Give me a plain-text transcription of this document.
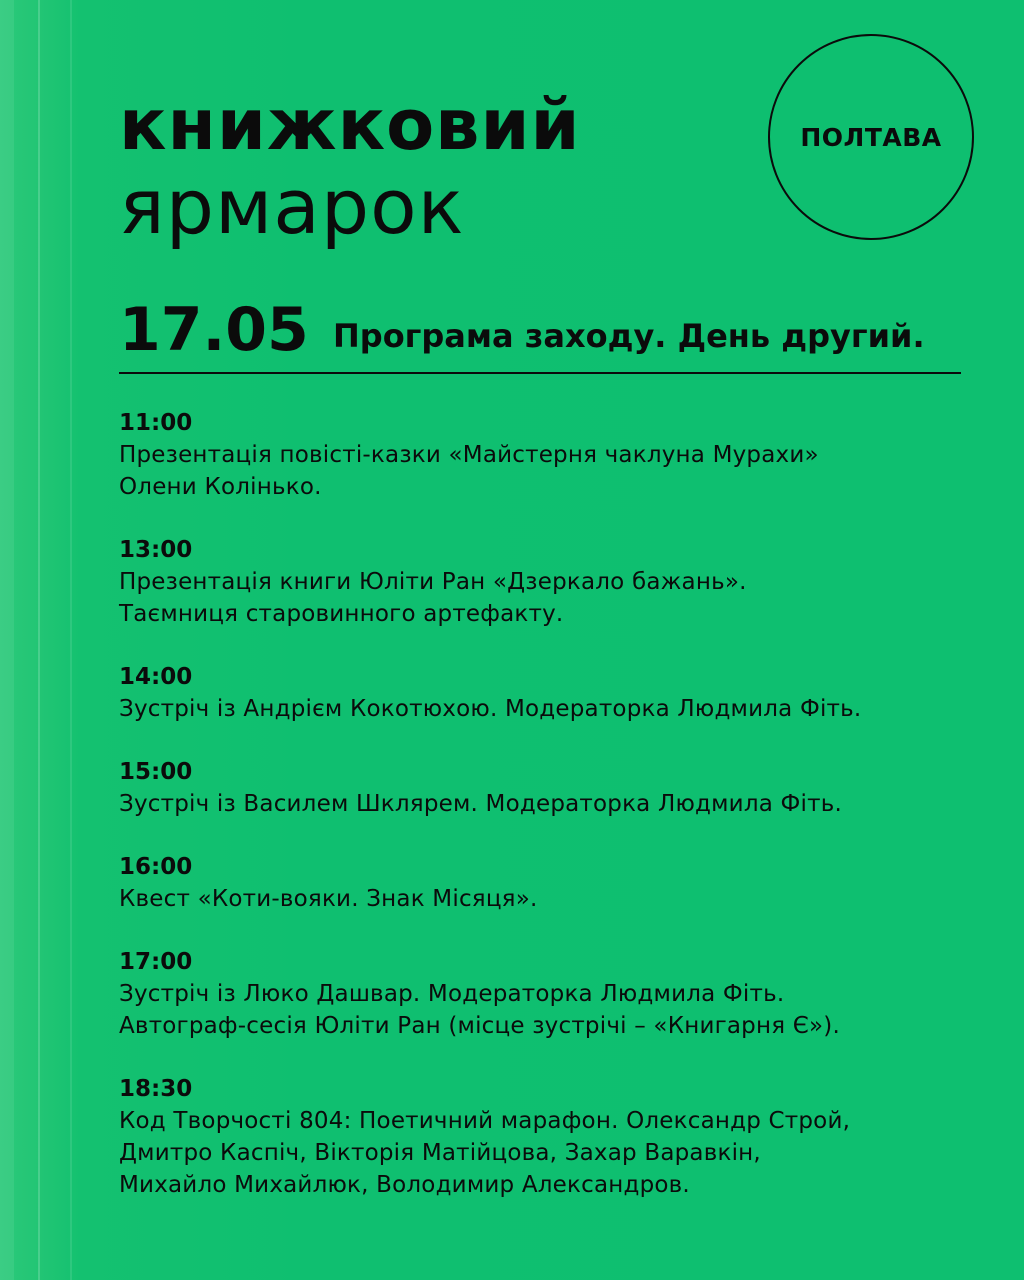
книжковий
ярмарок
ПОЛТАВА
17.05 Програма заходу. День другий.
11:00
Презентація повісті-казки «Майстерня чаклуна Мурахи»
Олени Колінько.
13:00
Презентація книги Юліти Ран «Дзеркало бажань».
Таємниця старовинного артефакту.
14:00
Зустріч із Андрієм Кокотюхою. Модераторка Людмила Фіть.
15:00
Зустріч із Василем Шклярем. Модераторка Людмила Фіть.
16:00
Квест «Коти-вояки. Знак Місяця».
17:00
Зустріч із Люко Дашвар. Модераторка Людмила Фіть.
Автограф-сесія Юліти Ран (місце зустрічі – «Книгарня Є»).
18:30
Код Творчості 804: Поетичний марафон. Олександр Строй,
Дмитро Каспіч, Вікторія Матійцова, Захар Варавкін,
Михайло Михайлюк, Володимир Александров.
